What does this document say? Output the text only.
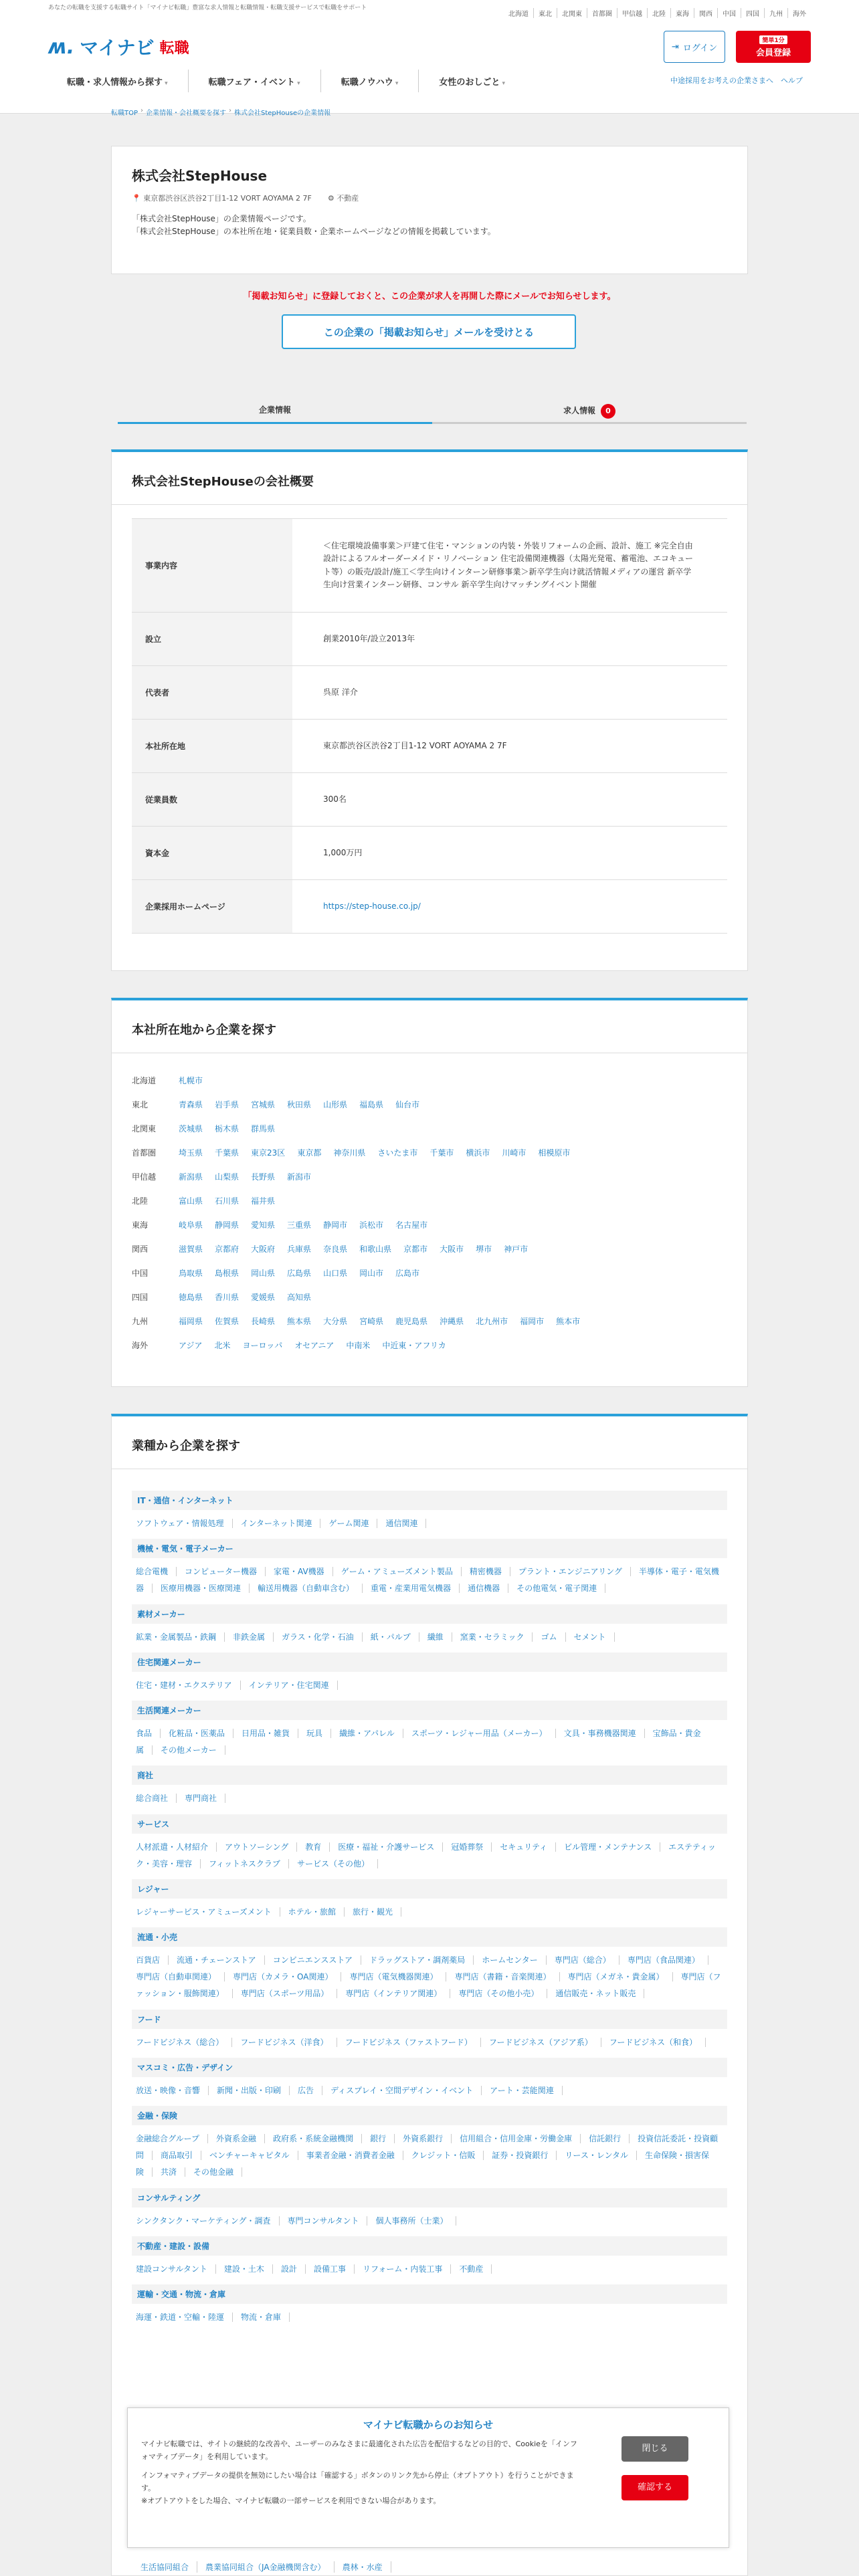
あなたの転職を支援する転職サイト「マイナビ転職」豊富な求人情報と転職情報・転職支援サービスで転職をサポート
北海道	東北	北関東	首都圏	甲信越	北陸	東海	関西	中国	四国	九州	海外
ʍ. マイナビ 転職	⇥ ログイン
簡単1分
会員登録
転職・求人情報から探す ▾	転職フェア・イベント ▾	転職ノウハウ ▾	女性のおしごと ▾	中途採用をお考えの企業さまへ　ヘルプ
転職TOP › 企業情報・会社概要を探す › 株式会社StepHouseの企業情報
株式会社StepHouse
📍 東京都渋谷区渋谷2丁目1-12 VORT AOYAMA 2 7F ⚙ 不動産
「株式会社StepHouse」の企業情報ページです。
「株式会社StepHouse」の本社所在地・従業員数・企業ホームページなどの情報を掲載しています。
「掲載お知らせ」に登録しておくと、この企業が求人を再開した際にメールでお知らせします。
この企業の「掲載お知らせ」メールを受けとる
企業情報	求人情報 0
株式会社StepHouseの会社概要
事業内容	＜住宅環境設備事業＞戸建て住宅・マンションの内装・外装リフォームの企画、設計、施工 ※完全自由設計によるフルオーダーメイド・リノベーション 住宅設備関連機器（太陽光発電、蓄電池、エコキュート等）の販売/設計/施工＜学生向けインターン研修事業＞新卒学生向け就活情報メディアの運営 新卒学生向け営業インターン研修、コンサル 新卒学生向けマッチングイベント開催
設立	創業2010年/設立2013年
代表者	呉原 洋介
本社所在地	東京都渋谷区渋谷2丁目1-12 VORT AOYAMA 2 7F
従業員数	300名
資本金	1,000万円
企業採用ホームページ	https://step-house.co.jp/
本社所在地から企業を探す
北海道	札幌市
東北	青森県 岩手県 宮城県 秋田県 山形県 福島県 仙台市
北関東	茨城県 栃木県 群馬県
首都圏	埼玉県 千葉県 東京23区 東京都 神奈川県 さいたま市 千葉市 横浜市 川崎市 相模原市
甲信越	新潟県 山梨県 長野県 新潟市
北陸	富山県 石川県 福井県
東海	岐阜県 静岡県 愛知県 三重県 静岡市 浜松市 名古屋市
関西	滋賀県 京都府 大阪府 兵庫県 奈良県 和歌山県 京都市 大阪市 堺市 神戸市
中国	鳥取県 島根県 岡山県 広島県 山口県 岡山市 広島市
四国	徳島県 香川県 愛媛県 高知県
九州	福岡県 佐賀県 長崎県 熊本県 大分県 宮崎県 鹿児島県 沖縄県 北九州市 福岡市 熊本市
海外	アジア 北米 ヨーロッパ オセアニア 中南米 中近東・アフリカ
業種から企業を探す
IT・通信・インターネット
ソフトウェア・情報処理 インターネット関連 ゲーム関連 通信関連
機械・電気・電子メーカー
総合電機 コンピューター機器 家電・AV機器 ゲーム・アミューズメント製品 精密機器 プラント・エンジニアリング 半導体・電子・電気機器 医療用機器・医療関連 輸送用機器（自動車含む） 重電・産業用電気機器 通信機器 その他電気・電子関連
素材メーカー
鉱業・金属製品・鉄鋼 非鉄金属 ガラス・化学・石油 紙・パルプ 繊維 窯業・セラミック ゴム セメント
住宅関連メーカー
住宅・建材・エクステリア インテリア・住宅関連
生活関連メーカー
食品 化粧品・医薬品 日用品・雑貨 玩具 繊維・アパレル スポーツ・レジャー用品（メーカー） 文具・事務機器関連 宝飾品・貴金属 その他メーカー
商社
総合商社 専門商社
サービス
人材派遣・人材紹介 アウトソーシング 教育 医療・福祉・介護サービス 冠婚葬祭 セキュリティ ビル管理・メンテナンス エステティック・美容・理容 フィットネスクラブ サービス（その他）
レジャー
レジャーサービス・アミューズメント ホテル・旅館 旅行・観光
流通・小売
百貨店 流通・チェーンストア コンビニエンスストア ドラッグストア・調剤薬局 ホームセンター 専門店（総合） 専門店（食品関連）専門店（自動車関連） 専門店（カメラ・OA関連） 専門店（電気機器関連） 専門店（書籍・音楽関連） 専門店（メガネ・貴金属） 専門店（ファッション・服飾関連） 専門店（スポーツ用品） 専門店（インテリア関連） 専門店（その他小売） 通信販売・ネット販売
フード
フードビジネス（総合） フードビジネス（洋食） フードビジネス（ファストフード） フードビジネス（アジア系） フードビジネス（和食）
マスコミ・広告・デザイン
放送・映像・音響 新聞・出版・印刷 広告 ディスプレイ・空間デザイン・イベント アート・芸能関連
金融・保険
金融総合グループ 外資系金融 政府系・系統金融機関 銀行 外資系銀行 信用組合・信用金庫・労働金庫 信託銀行 投資信託委託・投資顧問 商品取引 ベンチャーキャピタル 事業者金融・消費者金融 クレジット・信販 証券・投資銀行 リース・レンタル 生命保険・損害保険 共済 その他金融
コンサルティング
シンクタンク・マーケティング・調査 専門コンサルタント 個人事務所（士業）
不動産・建設・設備
建設コンサルタント 建設・土木 設計 設備工事 リフォーム・内装工事 不動産
運輸・交通・物流・倉庫
海運・鉄道・空輸・陸運 物流・倉庫
生活協同組合	農業協同組合（JA金融機関含む）	農林・水産
マイナビ転職からのお知らせ

マイナビ転職では、サイトの継続的な改善や、ユーザーのみなさまに最適化された広告を配信するなどの目的で、Cookieを「インフォマティブデータ」を利用しています。

インフォマティブデータの提供を無効にしたい場合は「確認する」ボタンのリンク先から停止（オプトアウト）を行うことができます。

※オプトアウトをした場合、マイナビ転職の一部サービスを利用できない場合があります。

閉じる
確認する
